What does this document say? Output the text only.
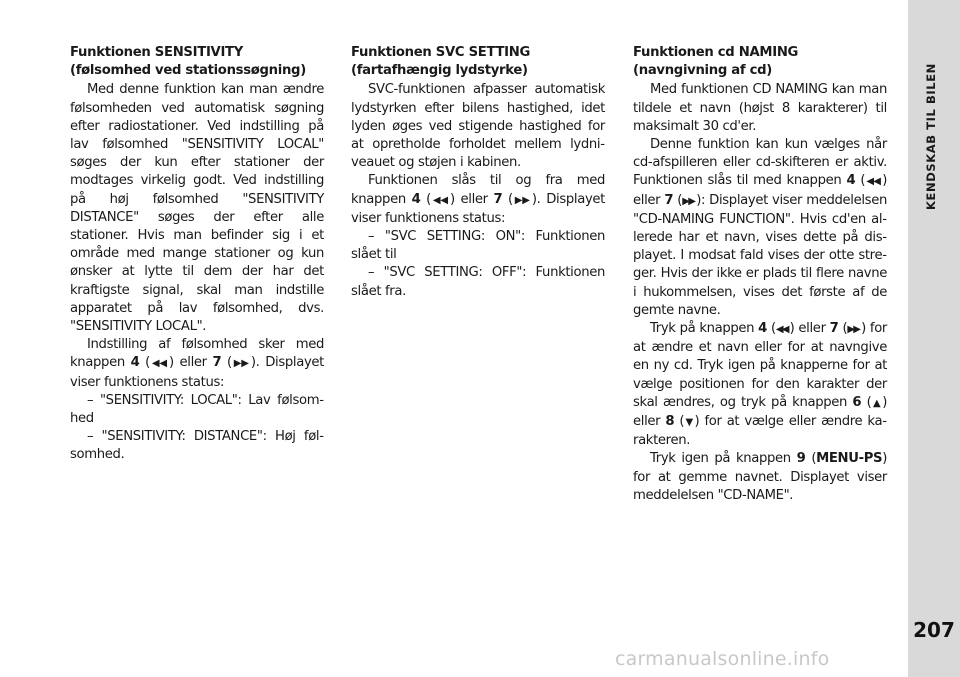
Funktionen SENSITIVITY
(følsomhed ved stationssøgning)

Med denne funktion kan man ændre følsomheden ved automatisk søgning efter radiostationer. Ved indstilling på lav følsomhed "SENSITIVITY LOCAL" søges der kun efter stationer der modtages virkelig godt. Ved indstilling på høj følsomhed "SENSITIVITY DISTANCE" søges der efter alle stationer. Hvis man befinder sig i et område med mange stationer og kun ønsker at lytte til dem der har det kraftigste signal, skal man indstille apparatet på lav følsomhed, dvs. "SENSITIVITY LOCAL".

Indstilling af følsomhed sker med knappen 4 (◀◀ ) eller 7 (▶▶ ). Displayet viser funktionens status:

– "SENSITIVITY: LOCAL": Lav følsomhed

– "SENSITIVITY: DISTANCE": Høj følsomhed.

Funktionen SVC SETTING
(fartafhængig lydstyrke)

SVC-funktionen afpasser automatisk lydstyrken efter bilens hastighed, idet lyden øges ved stigende hastighed for at opretholde forholdet mellem lydniveauet og støjen i kabinen.

Funktionen slås til og fra med knappen 4 (◀◀ ) eller 7 (▶▶ ). Displayet viser funktionens status:

– "SVC SETTING: ON": Funktionen slået til

– "SVC SETTING: OFF": Funktionen slået fra.

Funktionen cd NAMING
(navngivning af cd)

Med funktionen CD NAMING kan man tildele et navn (højst 8 karakterer) til maksimalt 30 cd'er.

Denne funktion kan kun vælges når cd-afspilleren eller cd-skifteren er aktiv. Funktionen slås til med knappen 4 (◀◀ ) eller 7 (▶▶ ): Displayet viser meddelelsen "CD-NAMING FUNCTION". Hvis cd'en allerede har et navn, vises dette på displayet. I modsat fald vises der otte streger. Hvis der ikke er plads til flere navne i hukommelsen, vises det første af de gemte navne.

Tryk på knappen 4 (◀◀ ) eller 7 (▶▶ ) for at ændre et navn eller for at navngive en ny cd. Tryk igen på knapperne for at vælge positionen for den karakter der skal ændres, og tryk på knappen 6 (▲ ) eller 8 (▼ ) for at vælge eller ændre karakteren.

Tryk igen på knappen 9 (MENU-PS) for at gemme navnet. Displayet viser meddelelsen "CD-NAME".

KENDSKAB TIL BILEN
207
carmanualsonline.info
